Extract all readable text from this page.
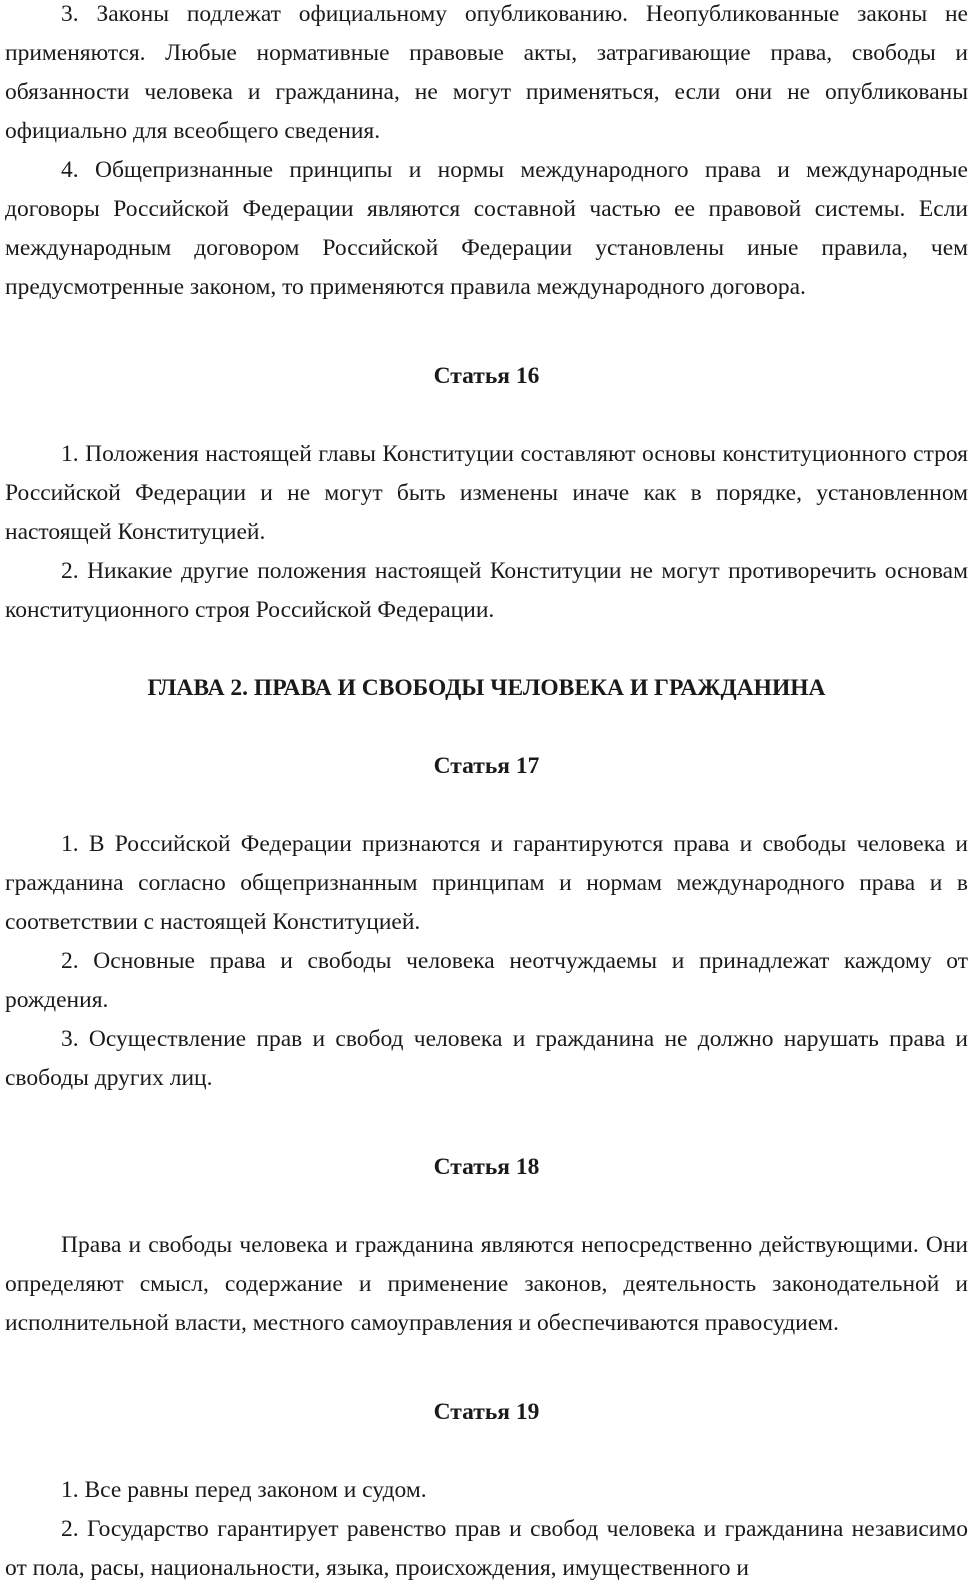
3. Законы подлежат официальному опубликованию. Неопубликованные законы не применяются. Любые нормативные правовые акты, затрагивающие права, свободы и обязанности человека и гражданина, не могут применяться, если они не опубликованы официально для всеобщего сведения.

4. Общепризнанные принципы и нормы международного права и международные договоры Российской Федерации являются составной частью ее правовой системы. Если международным договором Российской Федерации установлены иные правила, чем предусмотренные законом, то применяются правила международного договора.

Статья 16

1. Положения настоящей главы Конституции составляют основы конституционного строя Российской Федерации и не могут быть изменены иначе как в порядке, установленном настоящей Конституцией.

2. Никакие другие положения настоящей Конституции не могут противоречить основам конституционного строя Российской Федерации.

ГЛАВА 2. ПРАВА И СВОБОДЫ ЧЕЛОВЕКА И ГРАЖДАНИНА
Статья 17

1. В Российской Федерации признаются и гарантируются права и свободы человека и гражданина согласно общепризнанным принципам и нормам международного права и в соответствии с настоящей Конституцией.

2. Основные права и свободы человека неотчуждаемы и принадлежат каждому от рождения.

3. Осуществление прав и свобод человека и гражданина не должно нарушать права и свободы других лиц.

Статья 18

Права и свободы человека и гражданина являются непосредственно действующими. Они определяют смысл, содержание и применение законов, деятельность законодательной и исполнительной власти, местного самоуправления и обеспечиваются правосудием.

Статья 19

1. Все равны перед законом и судом.

2. Государство гарантирует равенство прав и свобод человека и гражданина независимо от пола, расы, национальности, языка, происхождения, имущественного и
